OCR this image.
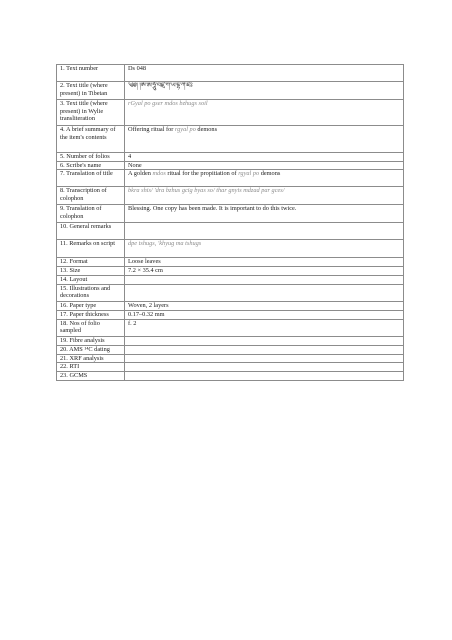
1. Text number	Ds 048
2. Text title (where present) in Tibetan	༄༅། །ཨོཾ་ཨ་ཧཱུྃ་བཛྲ་ཀ་ཡ་དྷ་ཀི་ཛཿ
3. Text title (where present) in Wylie transliteration	rGyal po gser mdos bzhugs soil
4. A brief summary of the item's contents	Offering ritual for rgyal po demons
5. Number of folios	4
6. Scribe's name	None
7. Translation of title	A golden mdos ritual for the propitiation of rgyal po demons
8. Transcription of colophon	bkra shis/ 'dra bzhus gcig byas so/ thar gnyis mdzad par gces/
9. Translation of colophon	Blessing. One copy has been made. It is important to do this twice.
10. General remarks	
11. Remarks on script	dpe tshugs, 'khyug ma tshugs
12. Format	Loose leaves
13. Size	7.2 × 35.4 cm
14. Layout	
15. Illustrations and decorations	
16. Paper type	Woven, 2 layers
17. Paper thickness	0.17–0.32 mm
18. Nos of folio sampled	f. 2
19. Fibre analysis	
20. AMS ¹⁴C dating	
21. XRF analysis	
22. RTI	
23. GCMS	
